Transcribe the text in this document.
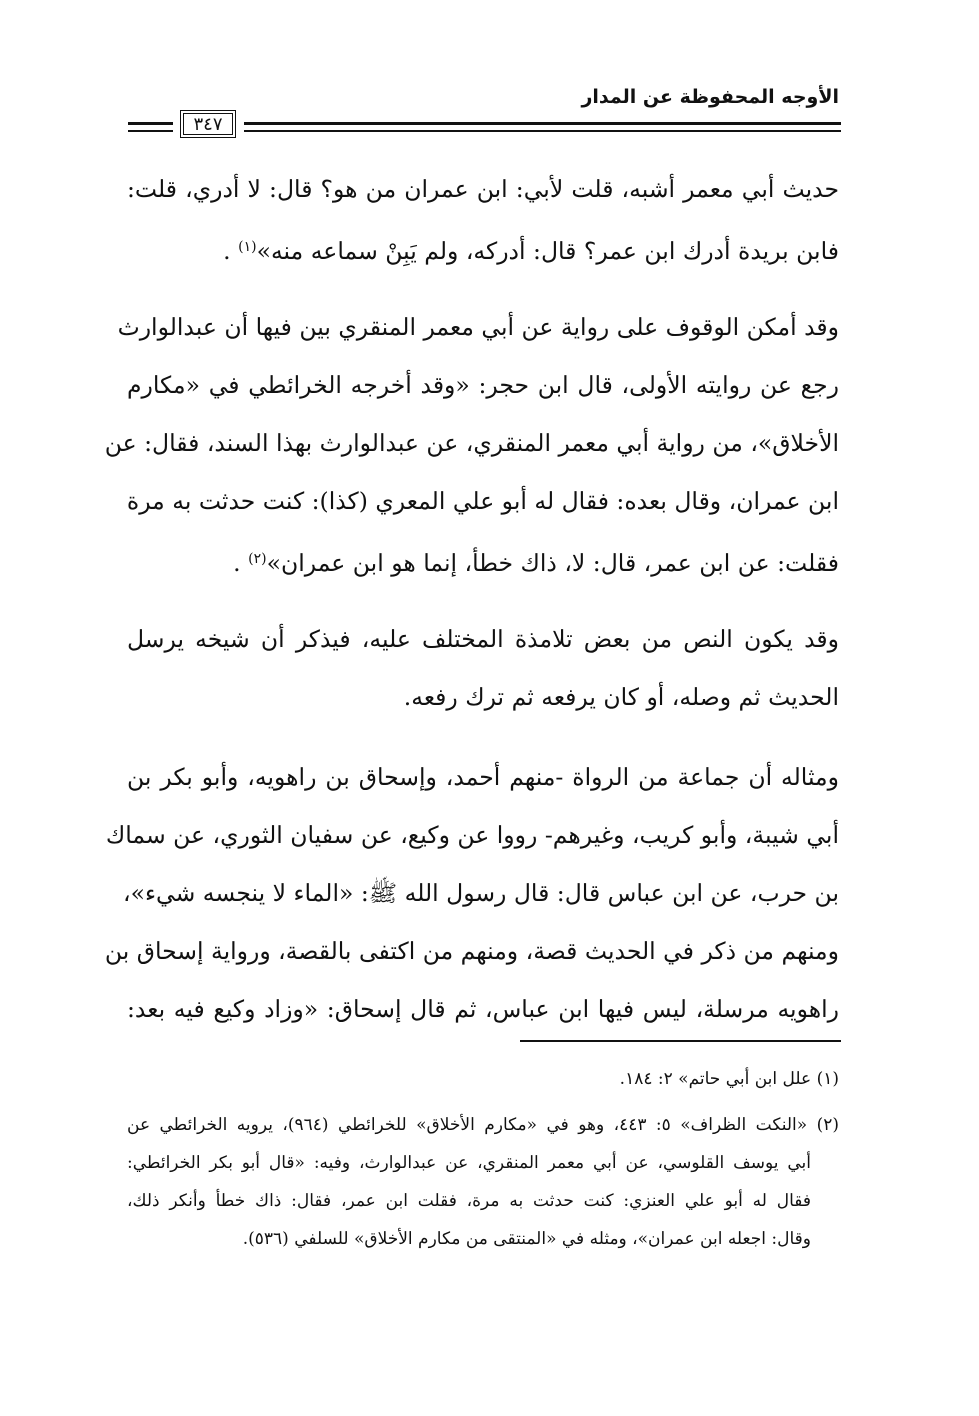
الأوجه المحفوظة عن المدار
٣٤٧
حديث أبي معمر أشبه، قلت لأبي: ابن عمران من هو؟ قال: لا أدري، قلت:
فابن بريدة أدرك ابن عمر؟ قال: أدركه، ولم يَبِنْ سماعه منه»$^{(١)}$ .
وقد أمكن الوقوف على رواية عن أبي معمر المنقري بين فيها أن عبدالوارث
رجع عن روايته الأولى، قال ابن حجر: «وقد أخرجه الخرائطي في «مكارم
الأخلاق»، من رواية أبي معمر المنقري، عن عبدالوارث بهذا السند، فقال: عن
ابن عمران، وقال بعده: فقال له أبو علي المعري (كذا): كنت حدثت به مرة
فقلت: عن ابن عمر، قال: لا، ذاك خطأ، إنما هو ابن عمران»$^{(٢)}$ .
وقد يكون النص من بعض تلامذة المختلف عليه، فيذكر أن شيخه يرسل
الحديث ثم وصله، أو كان يرفعه ثم ترك رفعه.
ومثاله أن جماعة من الرواة -منهم أحمد، وإسحاق بن راهويه، وأبو بكر بن
أبي شيبة، وأبو كريب، وغيرهم- رووا عن وكيع، عن سفيان الثوري، عن سماك
بن حرب، عن ابن عباس قال: قال رسول الله ﷺ: «الماء لا ينجسه شيء»،
ومنهم من ذكر في الحديث قصة، ومنهم من اكتفى بالقصة، ورواية إسحاق بن
راهويه مرسلة، ليس فيها ابن عباس، ثم قال إسحاق: «وزاد وكيع فيه بعد:
(١) علل ابن أبي حاتم» ٢: ١٨٤.
(٢) «النكت الظراف» ٥: ٤٤٣، وهو في «مكارم الأخلاق» للخرائطي (٩٦٤)، يرويه الخرائطي عن
أبي يوسف القلوسي، عن أبي معمر المنقري، عن عبدالوارث، وفيه: «قال أبو بكر الخرائطي:
فقال له أبو علي العنزي: كنت حدثت به مرة، فقلت ابن عمر، فقال: ذاك خطأ وأنكر ذلك،
وقال: اجعله ابن عمران»، ومثله في «المنتقى من مكارم الأخلاق» للسلفي (٥٣٦).
